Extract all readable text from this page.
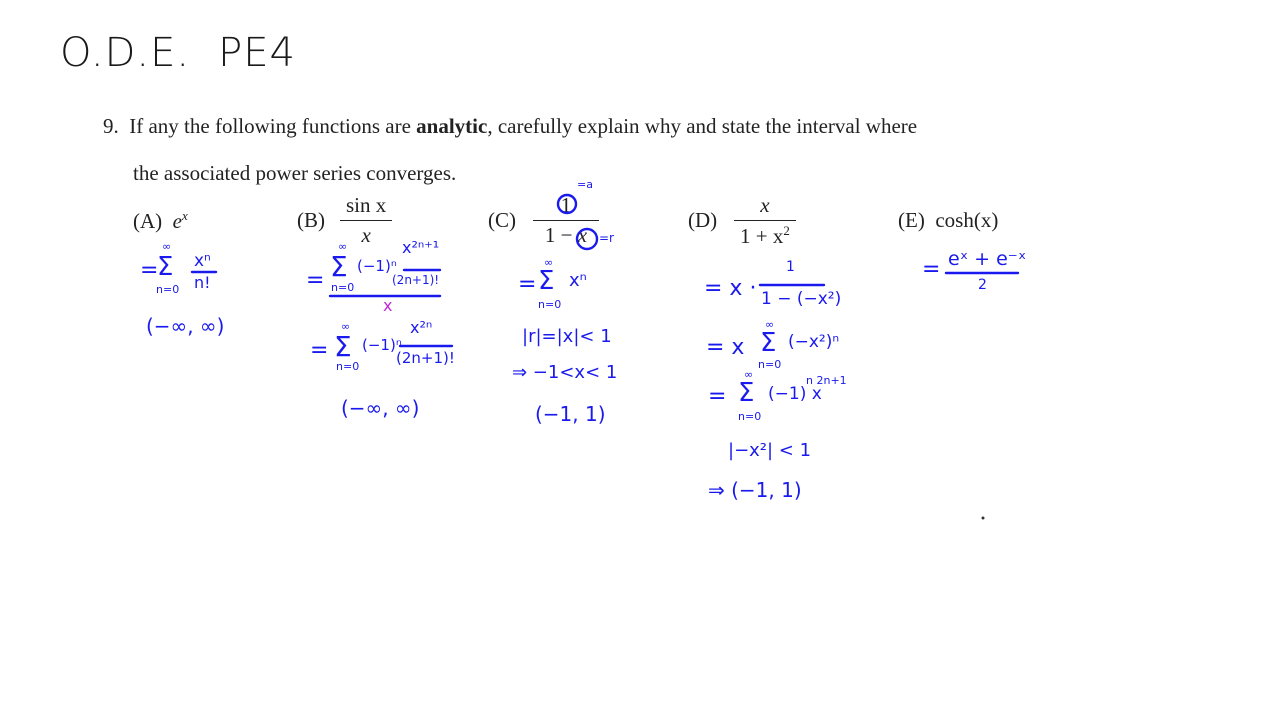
O.D.E. PE4
9. If any the following functions are analytic, carefully explain why and state the interval where
the associated power series converges.
(A) $e^x$	(B)
sin x
x
(C)
1
1 − x
(D)
x
$1 + x^2$	(E) cosh(x)
=
Σ
∞
n=0
xⁿ
n!
(−∞, ∞)
= Σ
∞
n=0
(−1)ⁿ
x²ⁿ⁺¹
(2n+1)!
x
= Σ
∞
n=0
(−1)ⁿ
x²ⁿ
(2n+1)!
(−∞, ∞)
=a
=r
= Σ
∞
n=0
xⁿ
|r|=|x|< 1
⇒ −1<x< 1
(−1, 1)
= x ·
1
1 − (−x²)
= x Σ
∞
n=0
(−x²)ⁿ
= Σ
∞
n=0
n 2n+1
(−1) x
|−x²| < 1
⇒ (−1, 1)
= eˣ + e⁻ˣ
2
